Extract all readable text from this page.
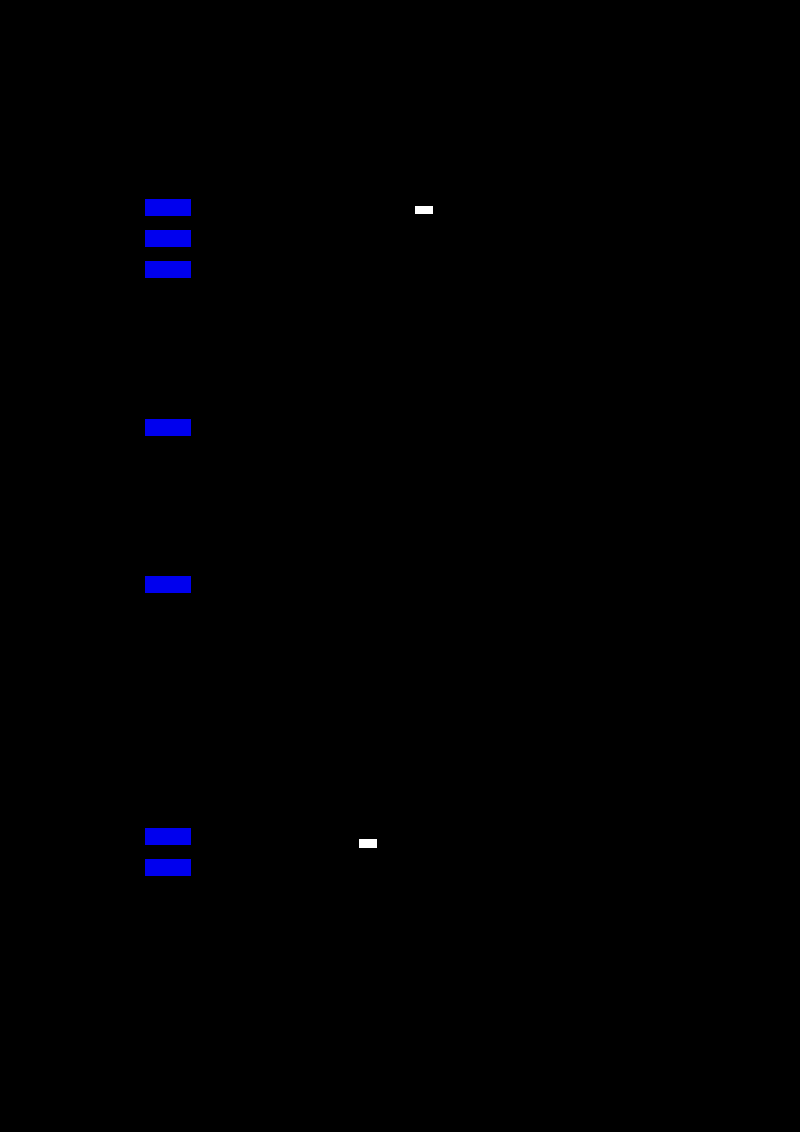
00:43
01:06
01:47
02:27
03:04
04:43
05:07
...
...
